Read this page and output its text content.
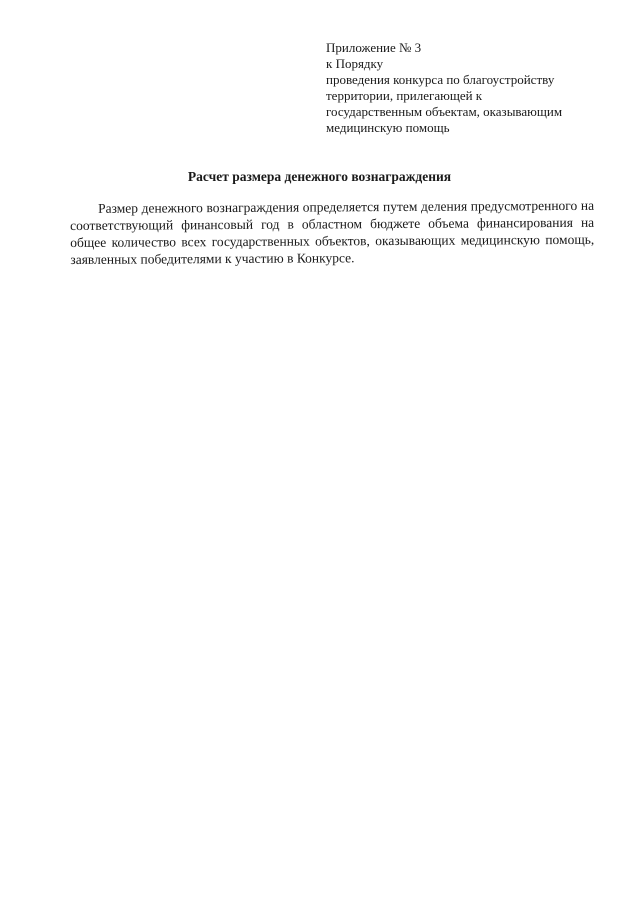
Приложение № 3
к Порядку
проведения конкурса по благоустройству
территории, прилегающей к
государственным объектам, оказывающим
медицинскую помощь
Расчет размера денежного вознаграждения

Размер денежного вознаграждения определяется путем деления предусмотренного на соответствующий финансовый год в областном бюджете объема финансирования на общее количество всех государственных объектов, оказывающих медицинскую помощь, заявленных победителями к участию в Конкурсе.
